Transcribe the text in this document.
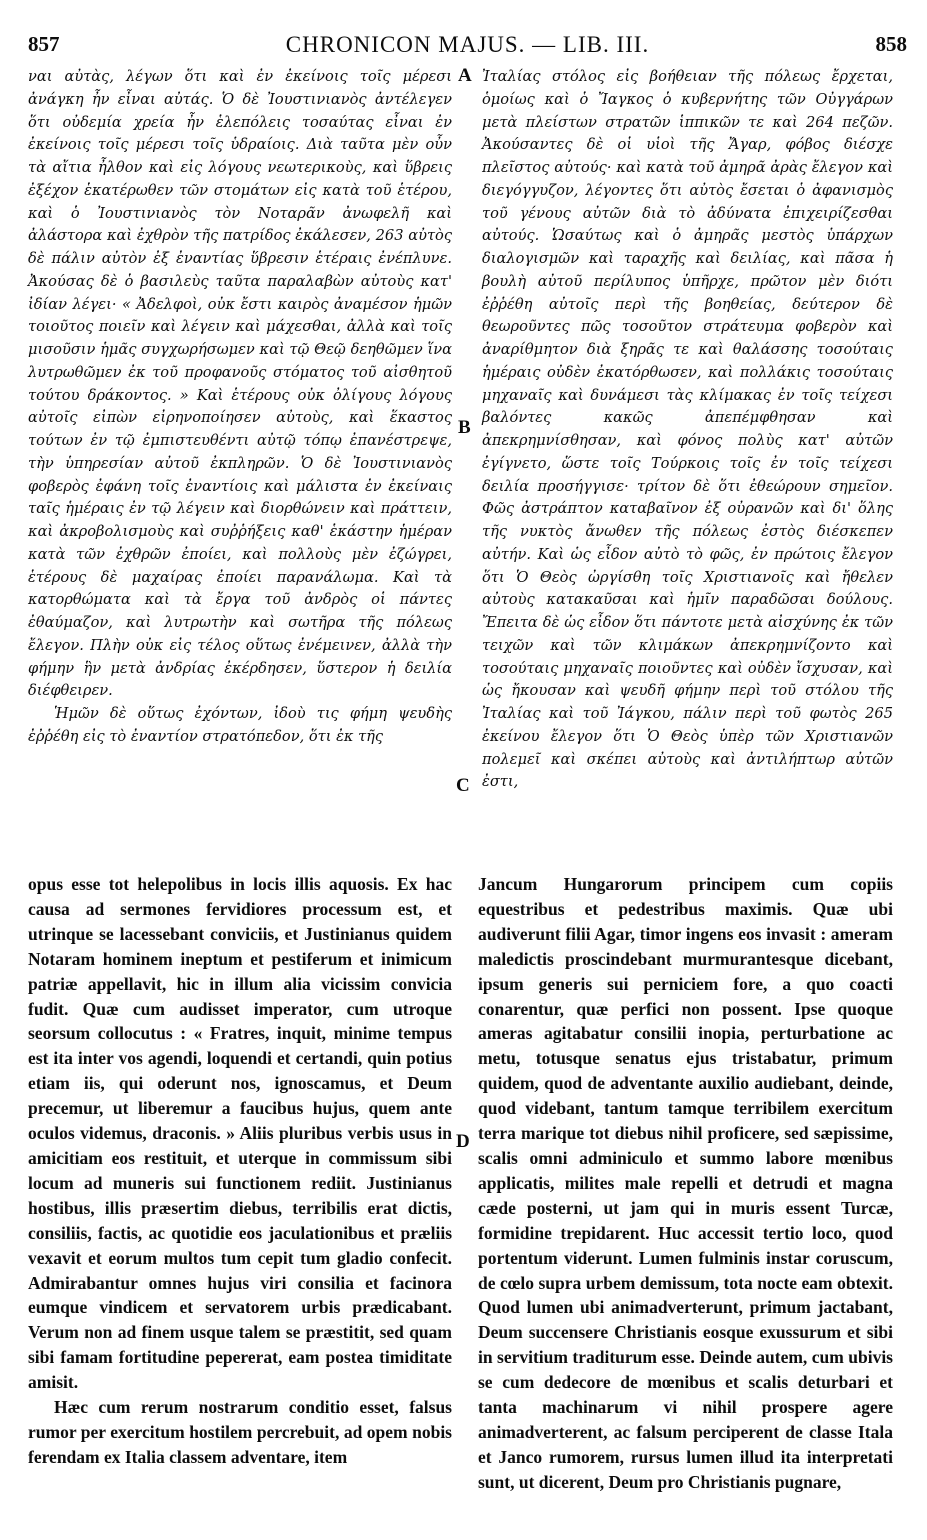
857	CHRONICON MAJUS. — LIB. III.	858

ναι αὐτὰς, λέγων ὅτι καὶ ἐν ἐκείνοις τοῖς μέρεσι ἀνάγκη ἦν εἶναι αὐτάς. Ὁ δὲ Ἰουστινιανὸς ἀντέλεγεν ὅτι οὐδεμία χρεία ἦν ἑλεπόλεις τοσαύτας εἶναι ἐν ἐκείνοις τοῖς μέρεσι τοῖς ὑδραίοις. Διὰ ταῦτα μὲν οὖν τὰ αἴτια ἦλθον καὶ εἰς λόγους νεωτερικοὺς, καὶ ὕβρεις ἐξέχον ἑκατέρωθεν τῶν στομάτων εἰς κατὰ τοῦ ἑτέρου, καὶ ὁ Ἰουστινιανὸς τὸν Νοταρᾶν ἀνωφελῆ καὶ ἀλάστορα καὶ ἐχθρὸν τῆς πατρίδος ἐκάλεσεν, 263 αὐτὸς δὲ πάλιν αὐτὸν ἐξ ἐναντίας ὕβρεσιν ἑτέραις ἐνέπλυνε. Ἀκούσας δὲ ὁ βασιλεὺς ταῦτα παραλαβὼν αὐτοὺς κατ' ἰδίαν λέγει· « Ἀδελφοὶ, οὐκ ἔστι καιρὸς ἀναμέσον ἡμῶν τοιοῦτος ποιεῖν καὶ λέγειν καὶ μάχεσθαι, ἀλλὰ καὶ τοῖς μισοῦσιν ἡμᾶς συγχωρήσωμεν καὶ τῷ Θεῷ δεηθῶμεν ἵνα λυτρωθῶμεν ἐκ τοῦ προφανοῦς στόματος τοῦ αἰσθητοῦ τούτου δράκοντος. » Καὶ ἑτέρους οὐκ ὀλίγους λόγους αὐτοῖς εἰπὼν εἰρηνοποίησεν αὐτοὺς, καὶ ἕκαστος τούτων ἐν τῷ ἐμπιστευθέντι αὐτῷ τόπῳ ἐπανέστρεψε, τὴν ὑπηρεσίαν αὐτοῦ ἐκπληρῶν. Ὁ δὲ Ἰουστινιανὸς φοβερὸς ἐφάνη τοῖς ἐναντίοις καὶ μάλιστα ἐν ἐκείναις ταῖς ἡμέραις ἐν τῷ λέγειν καὶ διορθώνειν καὶ πράττειν, καὶ ἀκροβολισμοὺς καὶ συῤῥήξεις καθ' ἑκάστην ἡμέραν κατὰ τῶν ἐχθρῶν ἐποίει, καὶ πολλοὺς μὲν ἐζώγρει, ἑτέρους δὲ μαχαίρας ἐποίει παρανάλωμα. Καὶ τὰ κατορθώματα καὶ τὰ ἔργα τοῦ ἀνδρὸς οἱ πάντες ἐθαύμαζον, καὶ λυτρωτὴν καὶ σωτῆρα τῆς πόλεως ἔλεγον. Πλὴν οὐκ εἰς τέλος οὕτως ἐνέμεινεν, ἀλλὰ τὴν φήμην ἣν μετὰ ἀνδρίας ἐκέρδησεν, ὕστερον ἡ δειλία διέφθειρεν.

Ἡμῶν δὲ οὕτως ἐχόντων, ἰδοὺ τις φήμη ψευδὴς ἐῤῥέθη εἰς τὸ ἐναντίον στρατόπεδον, ὅτι ἐκ τῆς

Ἰταλίας στόλος εἰς βοήθειαν τῆς πόλεως ἔρχεται, ὁμοίως καὶ ὁ Ἴαγκος ὁ κυβερνήτης τῶν Οὐγγάρων μετὰ πλείστων στρατῶν ἱππικῶν τε καὶ 264 πεζῶν. Ἀκούσαντες δὲ οἱ υἱοὶ τῆς Ἄγαρ, φόβος διέσχε πλεῖστος αὐτούς· καὶ κατὰ τοῦ ἀμηρᾶ ἀρὰς ἔλεγον καὶ διεγόγγυζον, λέγοντες ὅτι αὐτὸς ἔσεται ὁ ἀφανισμὸς τοῦ γένους αὐτῶν διὰ τὸ ἀδύνατα ἐπιχειρίζεσθαι αὐτούς. Ὡσαύτως καὶ ὁ ἀμηρᾶς μεστὸς ὑπάρχων διαλογισμῶν καὶ ταραχῆς καὶ δειλίας, καὶ πᾶσα ἡ βουλὴ αὐτοῦ περίλυπος ὑπῆρχε, πρῶτον μὲν διότι ἐῤῥέθη αὐτοῖς περὶ τῆς βοηθείας, δεύτερον δὲ θεωροῦντες πῶς τοσοῦτον στράτευμα φοβερὸν καὶ ἀναρίθμητον διὰ ξηρᾶς τε καὶ θαλάσσης τοσούταις ἡμέραις οὐδὲν ἐκατόρθωσεν, καὶ πολλάκις τοσούταις μηχαναῖς καὶ δυνάμεσι τὰς κλίμακας ἐν τοῖς τείχεσι βαλόντες κακῶς ἀπεπέμφθησαν καὶ ἀπεκρημνίσθησαν, καὶ φόνος πολὺς κατ' αὐτῶν ἐγίγνετο, ὥστε τοῖς Τούρκοις τοῖς ἐν τοῖς τείχεσι δειλία προσήγγισε· τρίτον δὲ ὅτι ἐθεώρουν σημεῖον. Φῶς ἀστράπτον καταβαῖνον ἐξ οὐρανῶν καὶ δι' ὅλης τῆς νυκτὸς ἄνωθεν τῆς πόλεως ἐστὸς διέσκεπεν αὐτήν. Καὶ ὡς εἶδον αὐτὸ τὸ φῶς, ἐν πρώτοις ἔλεγον ὅτι Ὁ Θεὸς ὠργίσθη τοῖς Χριστιανοῖς καὶ ἤθελεν αὐτοὺς κατακαῦσαι καὶ ἡμῖν παραδῶσαι δούλους. Ἔπειτα δὲ ὡς εἶδον ὅτι πάντοτε μετὰ αἰσχύνης ἐκ τῶν τειχῶν καὶ τῶν κλιμάκων ἀπεκρημνίζοντο καὶ τοσούταις μηχαναῖς ποιοῦντες καὶ οὐδὲν ἴσχυσαν, καὶ ὡς ἤκουσαν καὶ ψευδῆ φήμην περὶ τοῦ στόλου τῆς Ἰταλίας καὶ τοῦ Ἰάγκου, πάλιν περὶ τοῦ φωτὸς 265 ἐκείνου ἔλεγον ὅτι Ὁ Θεὸς ὑπὲρ τῶν Χριστιανῶν πολεμεῖ καὶ σκέπει αὐτοὺς καὶ ἀντιλήπτωρ αὐτῶν ἐστι,

opus esse tot helepolibus in locis illis aquosis. Ex hac causa ad sermones fervidiores processum est, et utrinque se lacessebant conviciis, et Justinianus quidem Notaram hominem ineptum et pestiferum et inimicum patriæ appellavit, hic in illum alia vicissim convicia fudit. Quæ cum audisset imperator, cum utroque seorsum collocutus : « Fratres, inquit, minime tempus est ita inter vos agendi, loquendi et certandi, quin potius etiam iis, qui oderunt nos, ignoscamus, et Deum precemur, ut liberemur a faucibus hujus, quem ante oculos videmus, draconis. » Aliis pluribus verbis usus in amicitiam eos restituit, et uterque in commissum sibi locum ad muneris sui functionem rediit. Justinianus hostibus, illis præsertim diebus, terribilis erat dictis, consiliis, factis, ac quotidie eos jaculationibus et præliis vexavit et eorum multos tum cepit tum gladio confecit. Admirabantur omnes hujus viri consilia et facinora eumque vindicem et servatorem urbis prædicabant. Verum non ad finem usque talem se præstitit, sed quam sibi famam fortitudine pepererat, eam postea timiditate amisit.

Hæc cum rerum nostrarum conditio esset, falsus rumor per exercitum hostilem percrebuit, ad opem nobis ferendam ex Italia classem adventare, item

Jancum Hungarorum principem cum copiis equestribus et pedestribus maximis. Quæ ubi audiverunt filii Agar, timor ingens eos invasit : ameram maledictis proscindebant murmurantesque dicebant, ipsum generis sui perniciem fore, a quo coacti conarentur, quæ perfici non possent. Ipse quoque ameras agitabatur consilii inopia, perturbatione ac metu, totusque senatus ejus tristabatur, primum quidem, quod de adventante auxilio audiebant, deinde, quod videbant, tantum tamque terribilem exercitum terra marique tot diebus nihil proficere, sed sæpissime, scalis omni adminiculo et summo labore mœnibus applicatis, milites male repelli et detrudi et magna cæde posterni, ut jam qui in muris essent Turcæ, formidine trepidarent. Huc accessit tertio loco, quod portentum viderunt. Lumen fulminis instar coruscum, de cœlo supra urbem demissum, tota nocte eam obtexit. Quod lumen ubi animadverterunt, primum jactabant, Deum succensere Christianis eosque exussurum et sibi in servitium traditurum esse. Deinde autem, cum ubivis se cum dedecore de mœnibus et scalis deturbari et tanta machinarum vi nihil prospere agere animadverterent, ac falsum perciperent de classe Itala et Janco rumorem, rursus lumen illud ita interpretati sunt, ut dicerent, Deum pro Christianis pugnare,

A
B
C
D
